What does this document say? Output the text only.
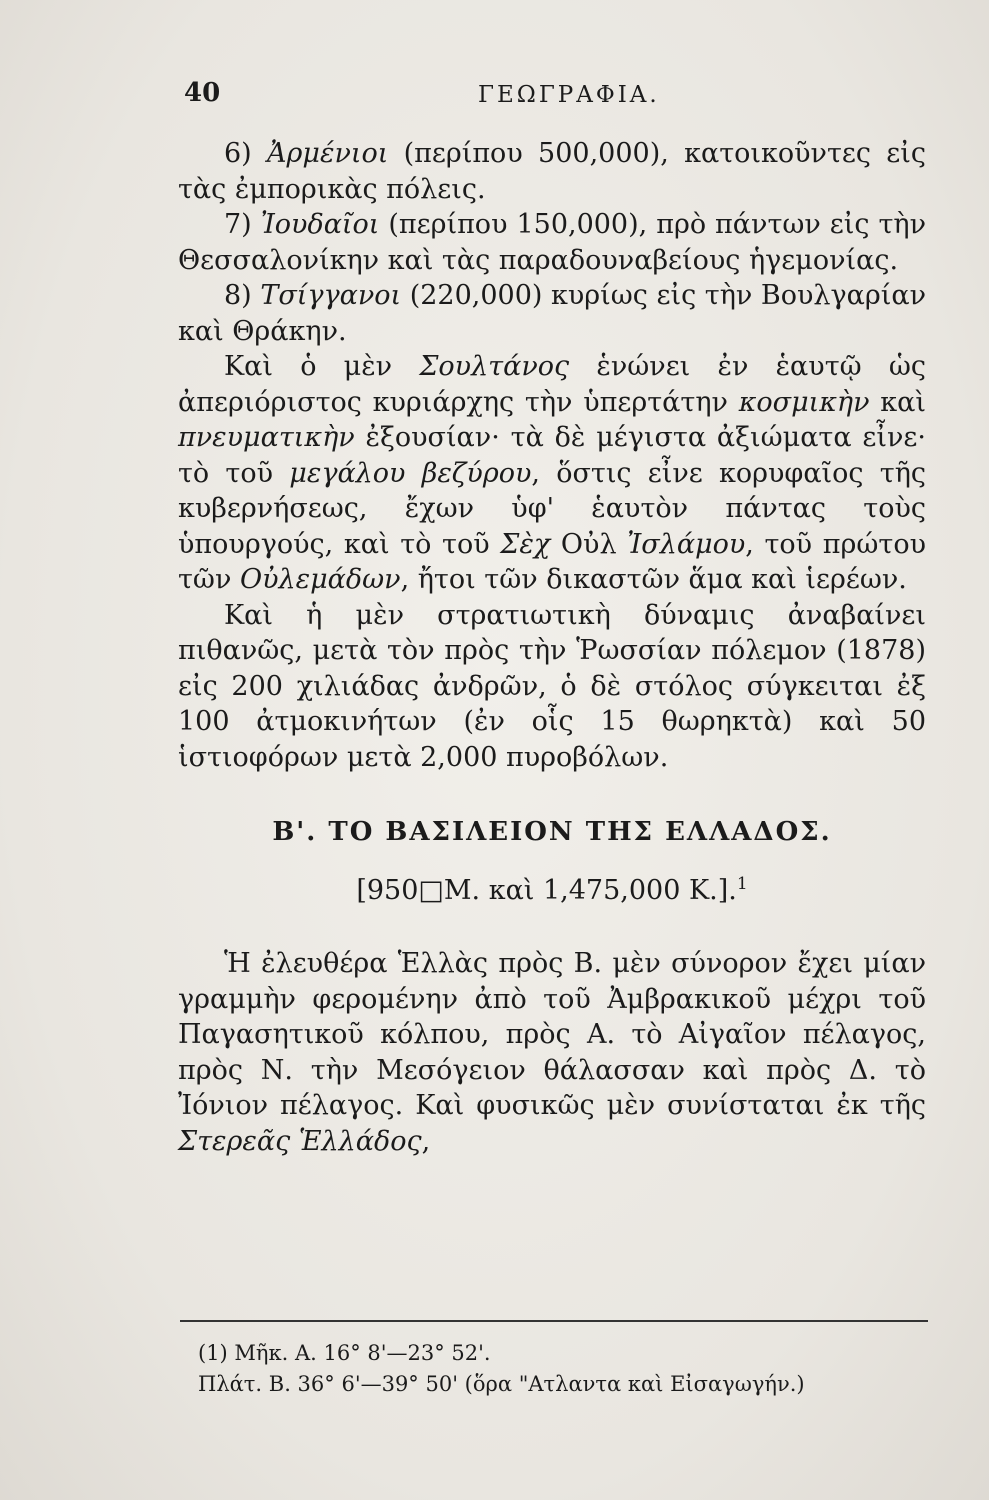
40	ΓΕΩΓΡΑΦΙΑ.

6) Ἀρμένιοι (περίπου 500,000), κατοικοῦντες εἰς τὰς ἐμπορικὰς πόλεις.

7) Ἰουδαῖοι (περίπου 150,000), πρὸ πάντων εἰς τὴν Θεσσαλονίκην καὶ τὰς παραδουναβείους ἡγεμονίας.

8) Τσίγγανοι (220,000) κυρίως εἰς τὴν Βουλγαρίαν καὶ Θράκην.

Καὶ ὁ μὲν Σουλτάνος ἑνώνει ἐν ἑαυτῷ ὡς ἀπεριόριστος κυριάρχης τὴν ὑπερτάτην κοσμικὴν καὶ πνευματικὴν ἐξουσίαν· τὰ δὲ μέγιστα ἀξιώματα εἶνε· τὸ τοῦ μεγάλου βεζύρου, ὅστις εἶνε κορυφαῖος τῆς κυβερνήσεως, ἔχων ὑφ' ἑαυτὸν πάντας τοὺς ὑπουργούς, καὶ τὸ τοῦ Σὲχ Οὐλ Ἰσλάμου, τοῦ πρώτου τῶν Οὐλεμάδων, ἤτοι τῶν δικαστῶν ἅμα καὶ ἱερέων.

Καὶ ἡ μὲν στρατιωτικὴ δύναμις ἀναβαίνει πιθανῶς, μετὰ τὸν πρὸς τὴν Ῥωσσίαν πόλεμον (1878) εἰς 200 χιλιάδας ἀνδρῶν, ὁ δὲ στόλος σύγκειται ἐξ 100 ἀτμοκινήτων (ἐν οἷς 15 θωρηκτὰ) καὶ 50 ἱστιοφόρων μετὰ 2,000 πυροβόλων.

Β'. ΤΟ ΒΑΣΙΛΕΙΟΝ ΤΗΣ ΕΛΛΑΔΟΣ.

[950□Μ. καὶ 1,475,000 Κ.].$^1$

Ἡ ἐλευθέρα Ἑλλὰς πρὸς Β. μὲν σύνορον ἔχει μίαν γραμμὴν φερομένην ἀπὸ τοῦ Ἀμβρακικοῦ μέχρι τοῦ Παγασητικοῦ κόλπου, πρὸς Α. τὸ Αἰγαῖον πέλαγος, πρὸς Ν. τὴν Μεσόγειον θάλασσαν καὶ πρὸς Δ. τὸ Ἰόνιον πέλαγος. Καὶ φυσικῶς μὲν συνίσταται ἐκ τῆς Στερεᾶς Ἑλλάδος,

(1) Μῆκ. Α. 16° 8'—23° 52'.

Πλάτ. Β. 36° 6'—39° 50' (ὅρα "Ατλαντα καὶ Εἰσαγωγήν.)
